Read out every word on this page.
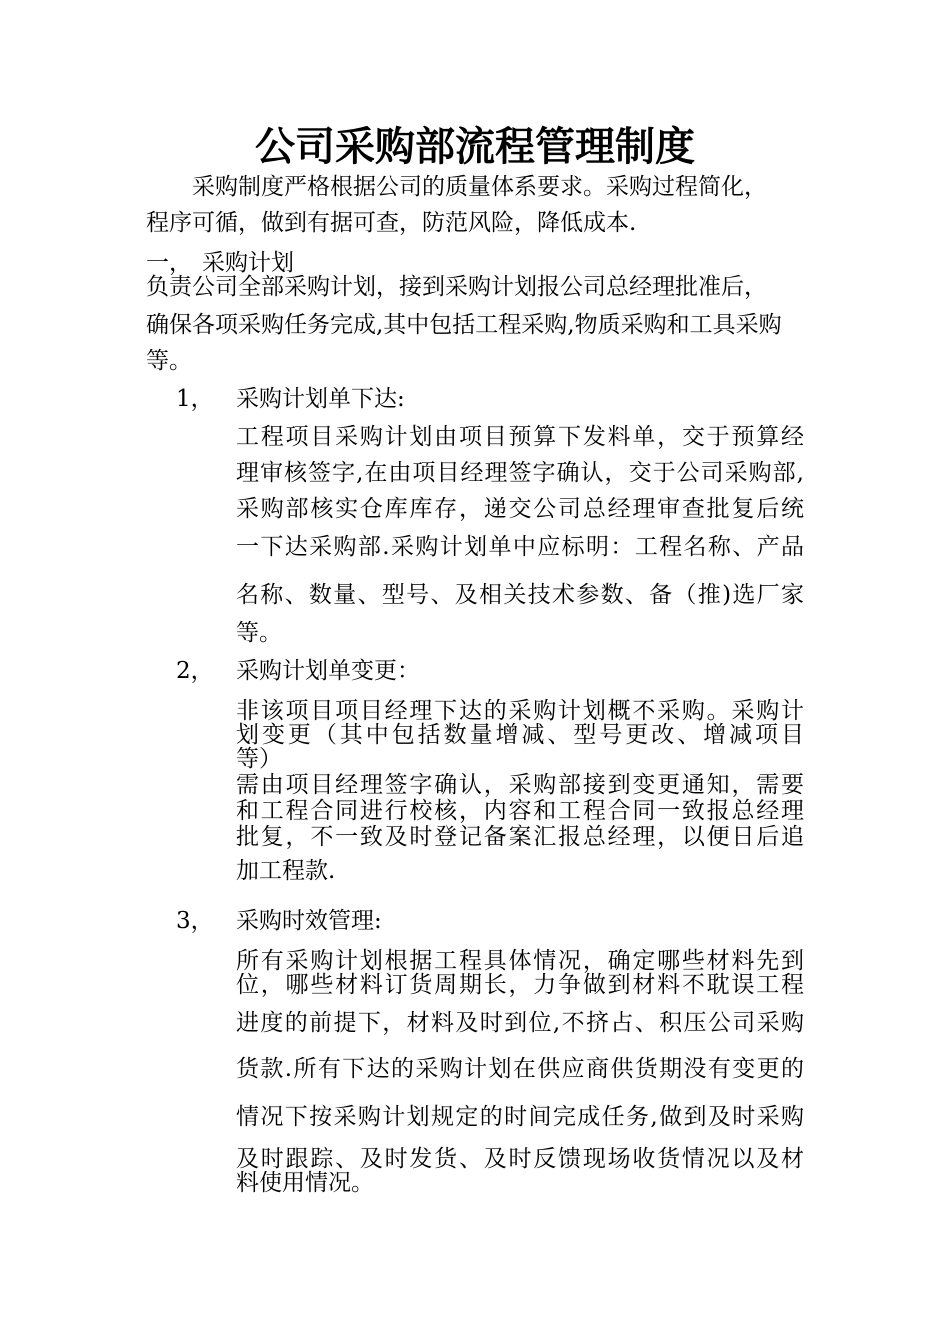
公司采购部流程管理制度
采购制度严格根据公司的质量体系要求。采购过程简化，
程序可循，做到有据可查，防范风险，降低成本.
一， 采购计划
负责公司全部采购计划，接到采购计划报公司总经理批准后，
确保各项采购任务完成,其中包括工程采购,物质采购和工具采购
等。
1， 采购计划单下达:
工程项目采购计划由项目预算下发料单，交于预算经
理审核签字,在由项目经理签字确认，交于公司采购部,
采购部核实仓库库存，递交公司总经理审查批复后统
一下达采购部.采购计划单中应标明：工程名称、产品
名称、数量、型号、及相关技术参数、备（推)选厂家
等。
2， 采购计划单变更：
非该项目项目经理下达的采购计划概不采购。采购计
划变更（其中包括数量增减、型号更改、增减项目
等）
需由项目经理签字确认，采购部接到变更通知，需要
和工程合同进行校核，内容和工程合同一致报总经理
批复，不一致及时登记备案汇报总经理，以便日后追
加工程款.
3， 采购时效管理:
所有采购计划根据工程具体情况，确定哪些材料先到
位，哪些材料订货周期长，力争做到材料不耽误工程
进度的前提下，材料及时到位,不挤占、积压公司采购
货款.所有下达的采购计划在供应商供货期没有变更的
情况下按采购计划规定的时间完成任务,做到及时采购
及时跟踪、及时发货、及时反馈现场收货情况以及材
料使用情况。
